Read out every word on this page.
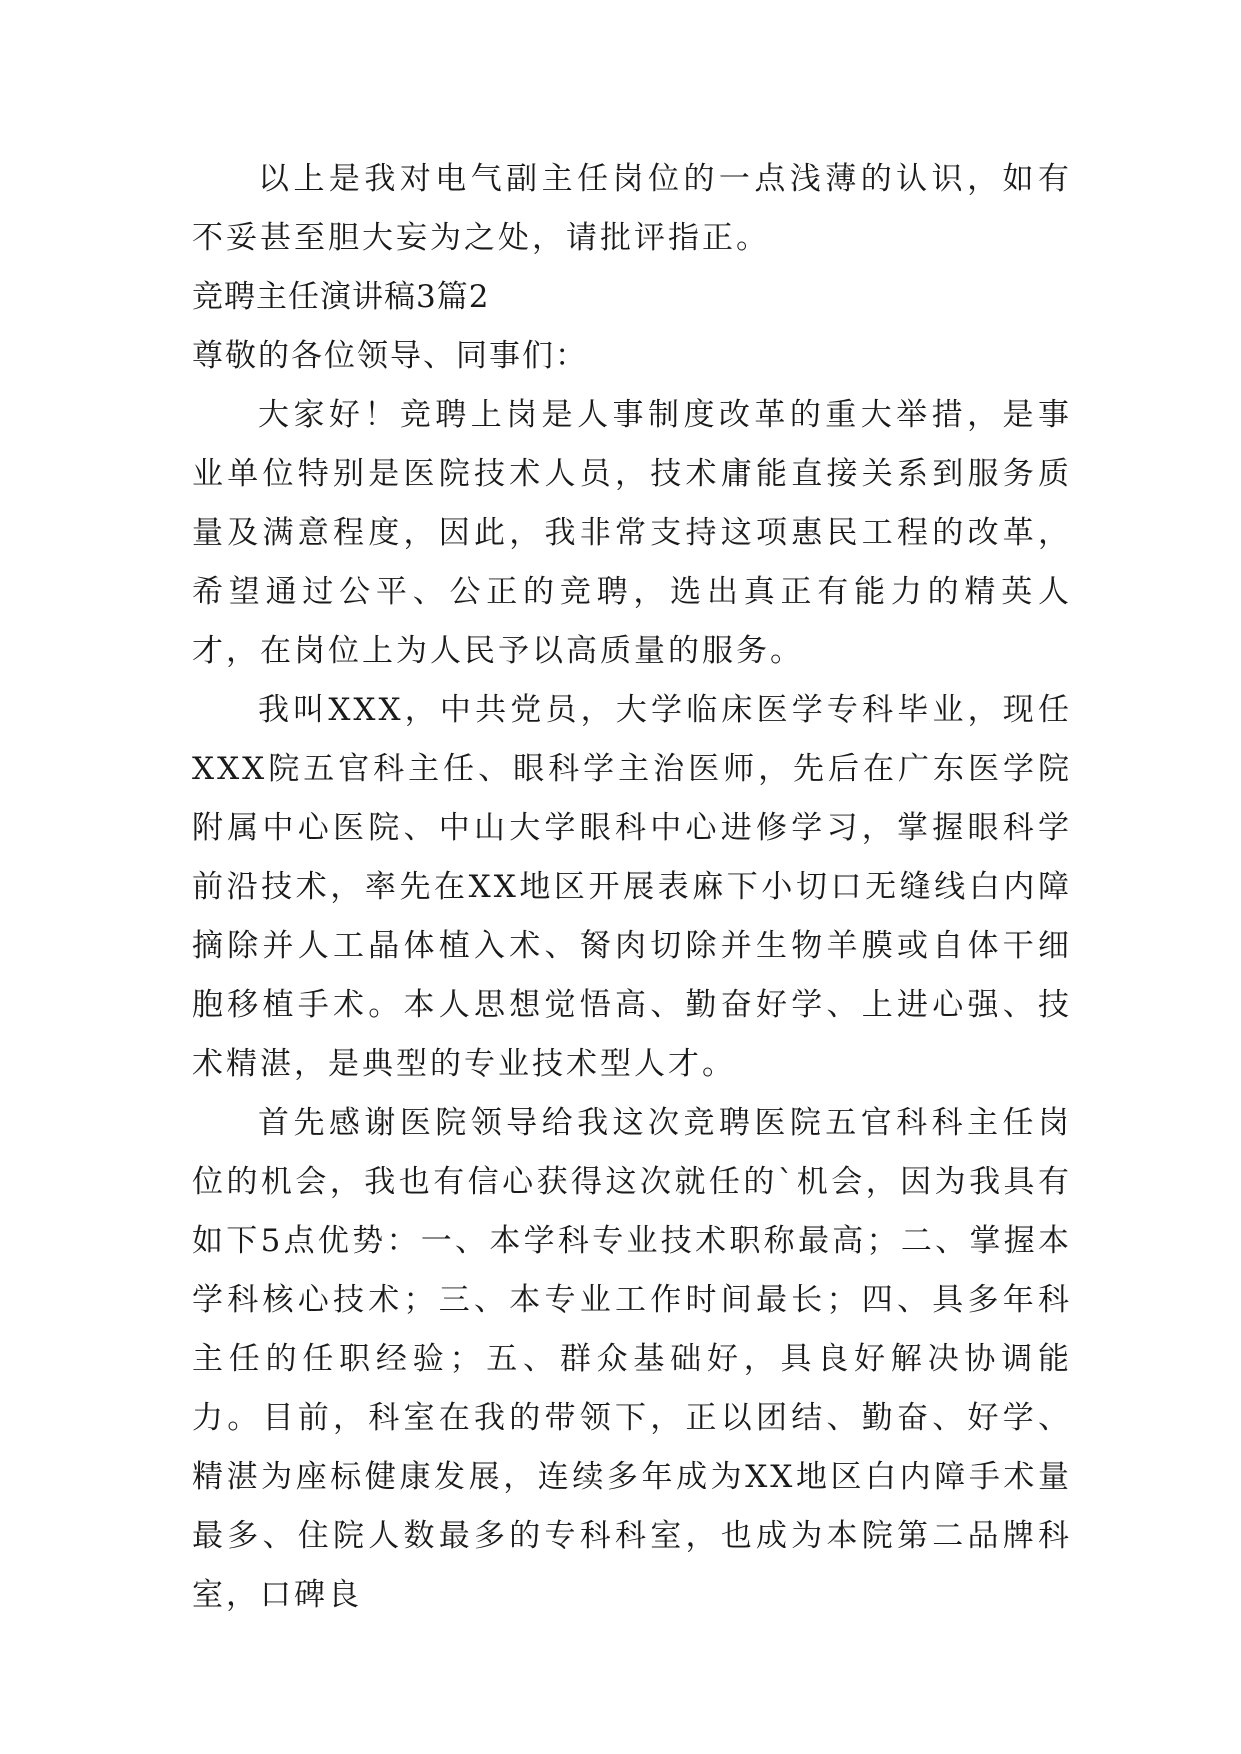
以上是我对电气副主任岗位的一点浅薄的认识，如有不妥甚至胆大妄为之处，请批评指正。

竞聘主任演讲稿3篇2

尊敬的各位领导、同事们：

大家好！竞聘上岗是人事制度改革的重大举措，是事业单位特别是医院技术人员，技术庸能直接关系到服务质量及满意程度，因此，我非常支持这项惠民工程的改革，希望通过公平、公正的竞聘，选出真正有能力的精英人才，在岗位上为人民予以高质量的服务。

我叫XXX，中共党员，大学临床医学专科毕业，现任XXX院五官科主任、眼科学主治医师，先后在广东医学院附属中心医院、中山大学眼科中心进修学习，掌握眼科学前沿技术，率先在XX地区开展表麻下小切口无缝线白内障摘除并人工晶体植入术、胬肉切除并生物羊膜或自体干细胞移植手术。本人思想觉悟高、勤奋好学、上进心强、技术精湛，是典型的专业技术型人才。

首先感谢医院领导给我这次竞聘医院五官科科主任岗位的机会，我也有信心获得这次就任的`机会，因为我具有如下5点优势：一、本学科专业技术职称最高；二、掌握本学科核心技术；三、本专业工作时间最长；四、具多年科主任的任职经验；五、群众基础好，具良好解决协调能力。目前，科室在我的带领下，正以团结、勤奋、好学、精湛为座标健康发展，连续多年成为XX地区白内障手术量最多、住院人数最多的专科科室，也成为本院第二品牌科室，口碑良
